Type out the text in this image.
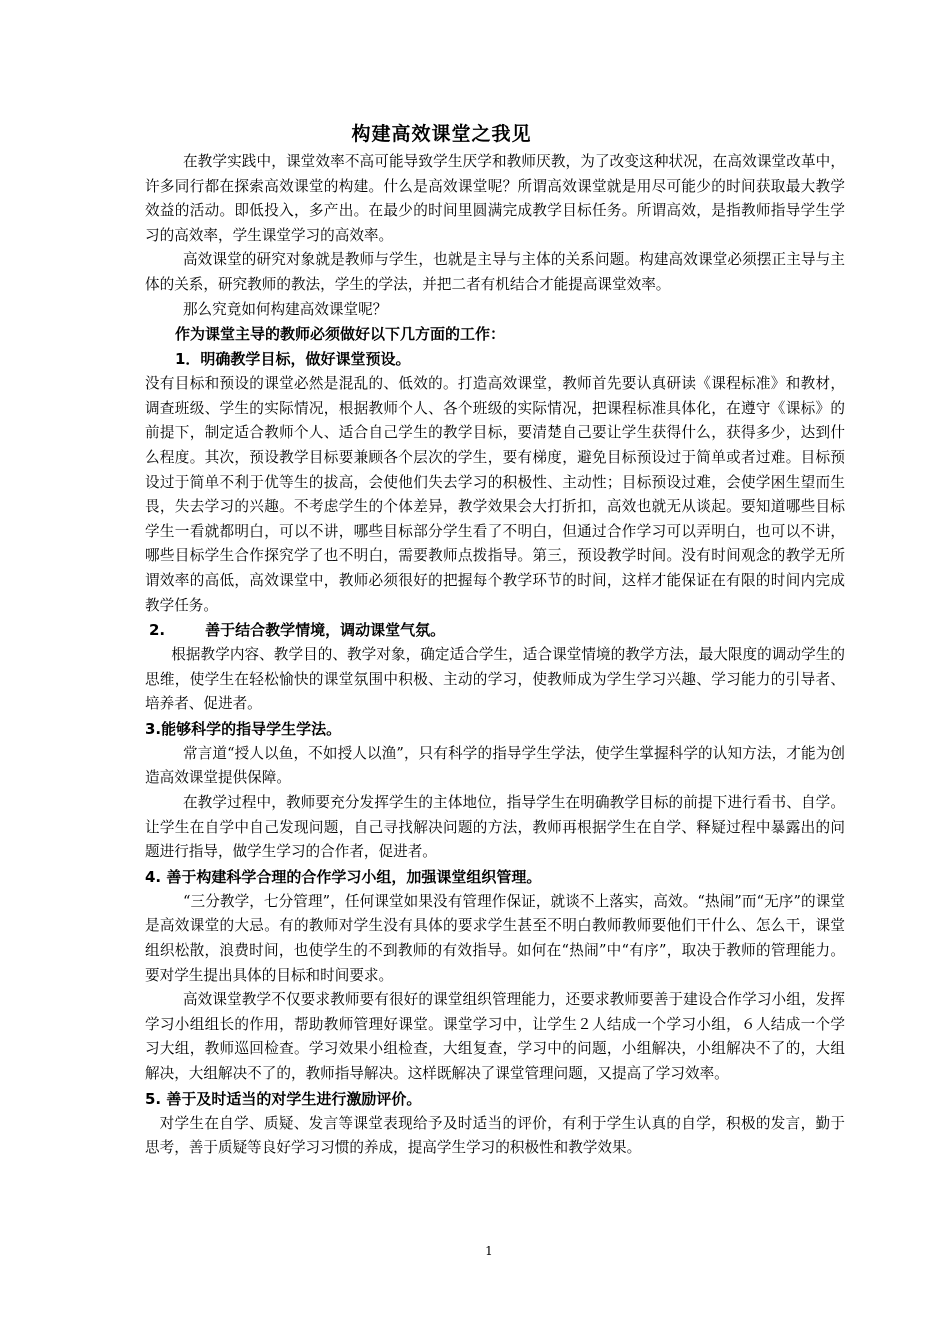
构建高效课堂之我见

在教学实践中，课堂效率不高可能导致学生厌学和教师厌教，为了改变这种状况，在高效课堂改革中，许多同行都在探索高效课堂的构建。什么是高效课堂呢？所谓高效课堂就是用尽可能少的时间获取最大教学效益的活动。即低投入，多产出。在最少的时间里圆满完成教学目标任务。所谓高效，是指教师指导学生学习的高效率，学生课堂学习的高效率。

高效课堂的研究对象就是教师与学生，也就是主导与主体的关系问题。构建高效课堂必须摆正主导与主体的关系，研究教师的教法，学生的学法，并把二者有机结合才能提高课堂效率。

那么究竟如何构建高效课堂呢？

作为课堂主导的教师必须做好以下几方面的工作：

1．明确教学目标，做好课堂预设。

没有目标和预设的课堂必然是混乱的、低效的。打造高效课堂，教师首先要认真研读《课程标准》和教材，调查班级、学生的实际情况，根据教师个人、各个班级的实际情况，把课程标准具体化，在遵守《课标》的前提下，制定适合教师个人、适合自己学生的教学目标，要清楚自己要让学生获得什么，获得多少，达到什么程度。其次，预设教学目标要兼顾各个层次的学生，要有梯度，避免目标预设过于简单或者过难。目标预设过于简单不利于优等生的拔高，会使他们失去学习的积极性、主动性；目标预设过难，会使学困生望而生畏，失去学习的兴趣。不考虑学生的个体差异，教学效果会大打折扣，高效也就无从谈起。要知道哪些目标学生一看就都明白，可以不讲，哪些目标部分学生看了不明白，但通过合作学习可以弄明白，也可以不讲，哪些目标学生合作探究学了也不明白，需要教师点拨指导。第三，预设教学时间。没有时间观念的教学无所谓效率的高低，高效课堂中，教师必须很好的把握每个教学环节的时间，这样才能保证在有限的时间内完成教学任务。

2.	善于结合教学情境，调动课堂气氛。

根据教学内容、教学目的、教学对象，确定适合学生，适合课堂情境的教学方法，最大限度的调动学生的思维，使学生在轻松愉快的课堂氛围中积极、主动的学习，使教师成为学生学习兴趣、学习能力的引导者、培养者、促进者。

3.能够科学的指导学生学法。

常言道“授人以鱼，不如授人以渔”，只有科学的指导学生学法，使学生掌握科学的认知方法，才能为创造高效课堂提供保障。

在教学过程中，教师要充分发挥学生的主体地位，指导学生在明确教学目标的前提下进行看书、自学。让学生在自学中自己发现问题，自己寻找解决问题的方法，教师再根据学生在自学、释疑过程中暴露出的问题进行指导，做学生学习的合作者，促进者。

4. 善于构建科学合理的合作学习小组，加强课堂组织管理。

“三分教学，七分管理”，任何课堂如果没有管理作保证，就谈不上落实，高效。“热闹”而“无序”的课堂是高效课堂的大忌。有的教师对学生没有具体的要求学生甚至不明白教师教师要他们干什么、怎么干，课堂组织松散，浪费时间，也使学生的不到教师的有效指导。如何在“热闹”中“有序”，取决于教师的管理能力。要对学生提出具体的目标和时间要求。

高效课堂教学不仅要求教师要有很好的课堂组织管理能力，还要求教师要善于建设合作学习小组，发挥学习小组组长的作用，帮助教师管理好课堂。课堂学习中，让学生２人结成一个学习小组，６人结成一个学习大组，教师巡回检查。学习效果小组检查，大组复查，学习中的问题，小组解决，小组解决不了的，大组解决，大组解决不了的，教师指导解决。这样既解决了课堂管理问题，又提高了学习效率。

5. 善于及时适当的对学生进行激励评价。

对学生在自学、质疑、发言等课堂表现给予及时适当的评价，有利于学生认真的自学，积极的发言，勤于思考，善于质疑等良好学习习惯的养成，提高学生学习的积极性和教学效果。

1
